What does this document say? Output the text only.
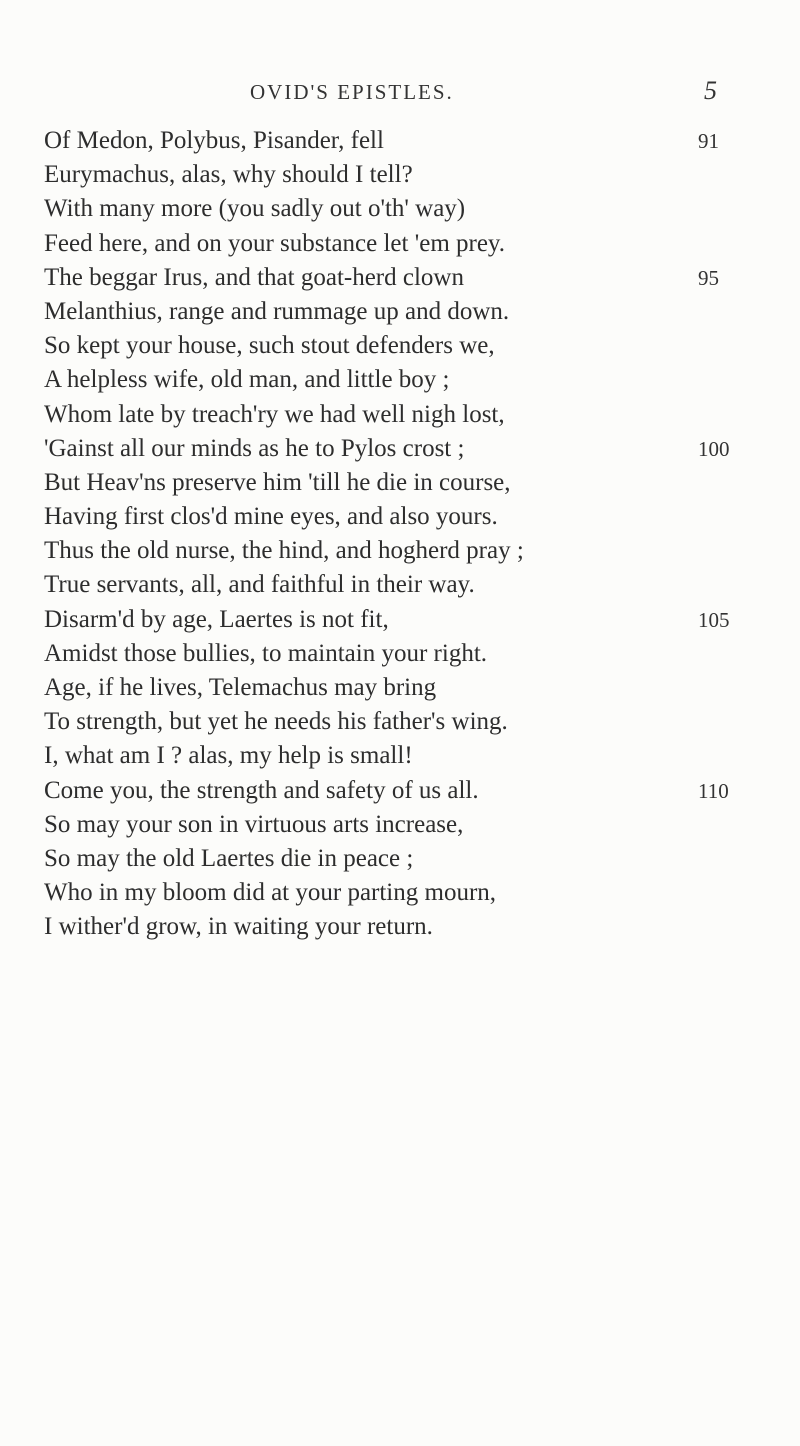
OVID'S EPISTLES.	5
Of Medon, Polybus, Pisander, fell	91
Eurymachus, alas, why should I tell?
With many more (you sadly out o'th' way)
Feed here, and on your substance let 'em prey.
The beggar Irus, and that goat-herd clown	95
Melanthius, range and rummage up and down.
So kept your house, such stout defenders we,
A helpless wife, old man, and little boy ;
Whom late by treach'ry we had well nigh lost,
'Gainst all our minds as he to Pylos crost ;	100
But Heav'ns preserve him 'till he die in course,
Having first clos'd mine eyes, and also yours.
Thus the old nurse, the hind, and hogherd pray ;
True servants, all, and faithful in their way.
Disarm'd by age, Laertes is not fit,	105
Amidst those bullies, to maintain your right.
Age, if he lives, Telemachus may bring
To strength, but yet he needs his father's wing.
I, what am I ? alas, my help is small!
Come you, the strength and safety of us all.	110
So may your son in virtuous arts increase,
So may the old Laertes die in peace ;
Who in my bloom did at your parting mourn,
I wither'd grow, in waiting your return.
